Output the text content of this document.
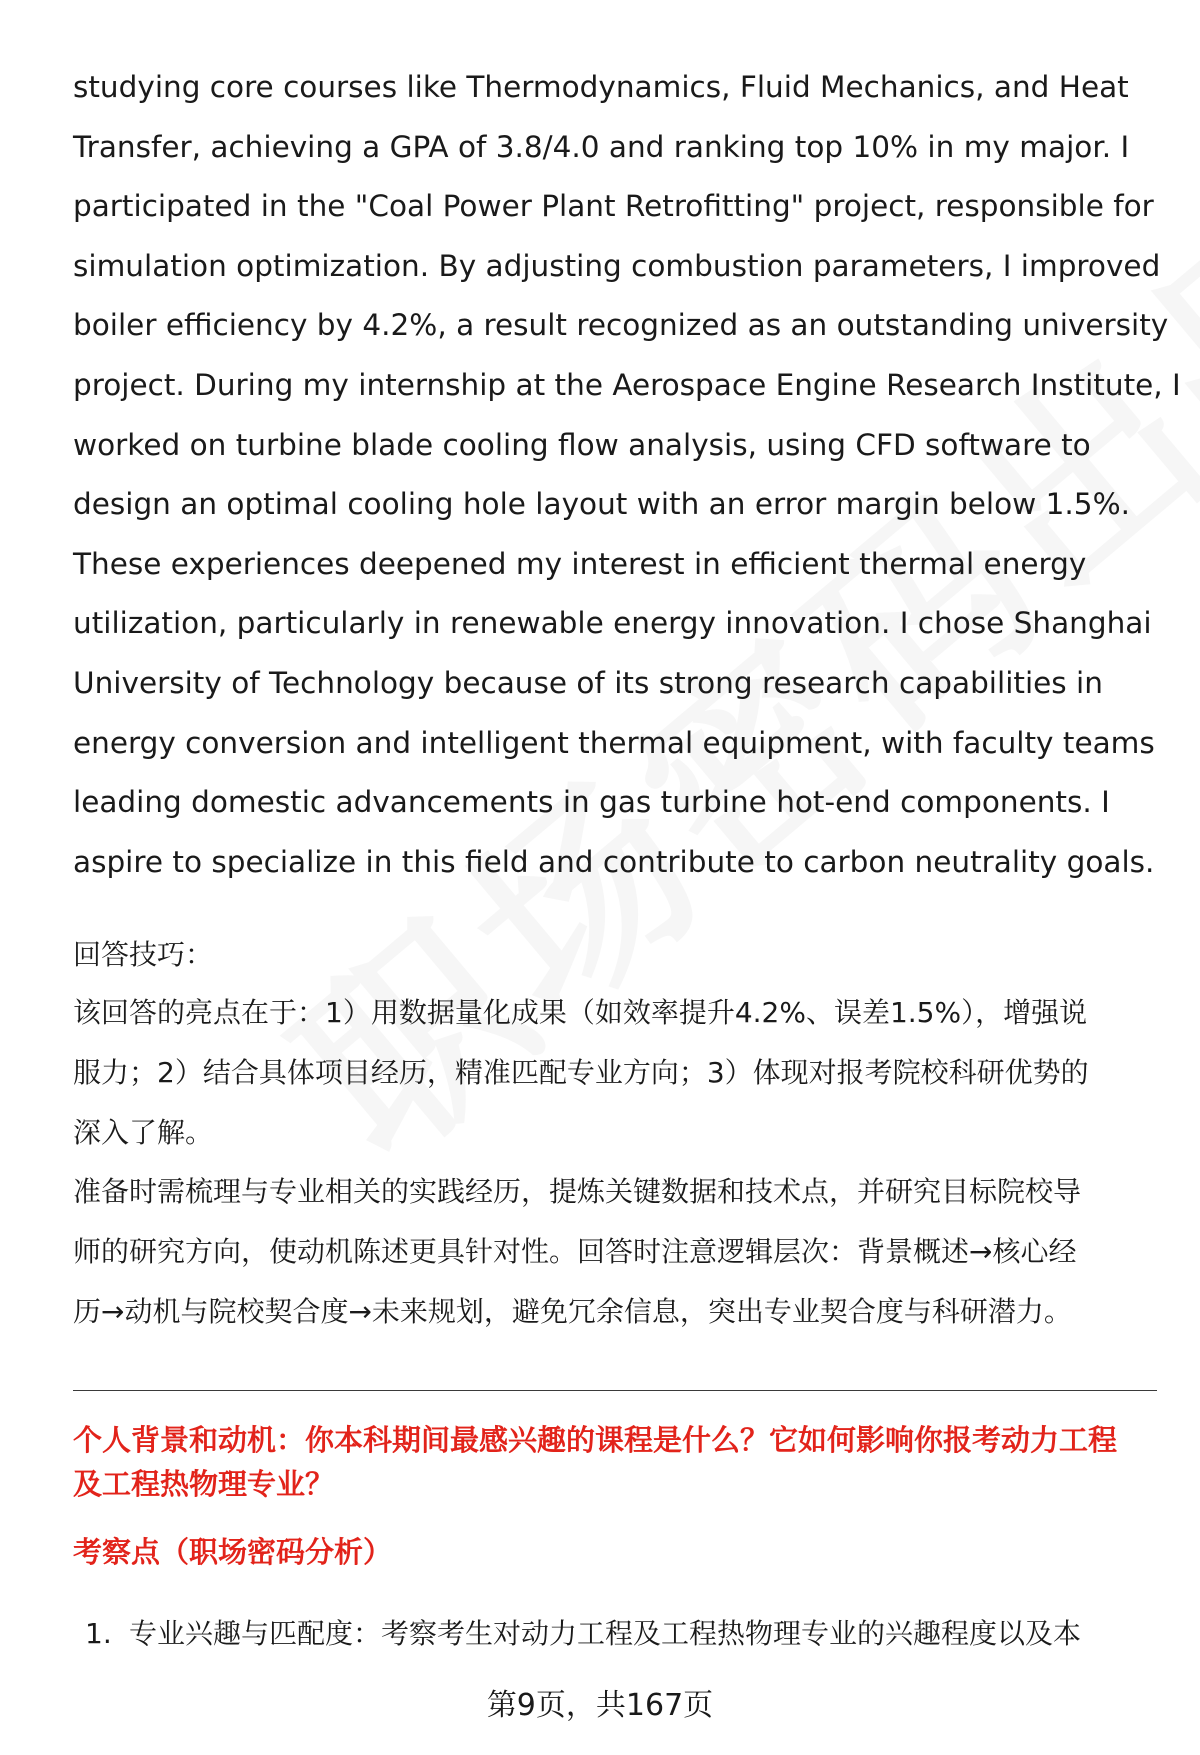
studying core courses like Thermodynamics, Fluid Mechanics, and Heat
Transfer, achieving a GPA of 3.8/4.0 and ranking top 10% in my major. I
participated in the "Coal Power Plant Retrofitting" project, responsible for
simulation optimization. By adjusting combustion parameters, I improved
boiler efficiency by 4.2%, a result recognized as an outstanding university
project. During my internship at the Aerospace Engine Research Institute, I
worked on turbine blade cooling flow analysis, using CFD software to
design an optimal cooling hole layout with an error margin below 1.5%.
These experiences deepened my interest in efficient thermal energy
utilization, particularly in renewable energy innovation. I chose Shanghai
University of Technology because of its strong research capabilities in
energy conversion and intelligent thermal equipment, with faculty teams
leading domestic advancements in gas turbine hot-end components. I
aspire to specialize in this field and contribute to carbon neutrality goals.

回答技巧：

该回答的亮点在于：1）用数据量化成果（如效率提升4.2%、误差1.5%），增强说
服力；2）结合具体项目经历，精准匹配专业方向；3）体现对报考院校科研优势的
深入了解。

准备时需梳理与专业相关的实践经历，提炼关键数据和技术点，并研究目标院校导
师的研究方向，使动机陈述更具针对性。回答时注意逻辑层次：背景概述→核心经
历→动机与院校契合度→未来规划，避免冗余信息，突出专业契合度与科研潜力。

个人背景和动机：你本科期间最感兴趣的课程是什么？它如何影响你报考动力工程
及工程热物理专业？
考察点（职场密码分析）

1. 专业兴趣与匹配度：考察考生对动力工程及工程热物理专业的兴趣程度以及本

第9页，共167页
